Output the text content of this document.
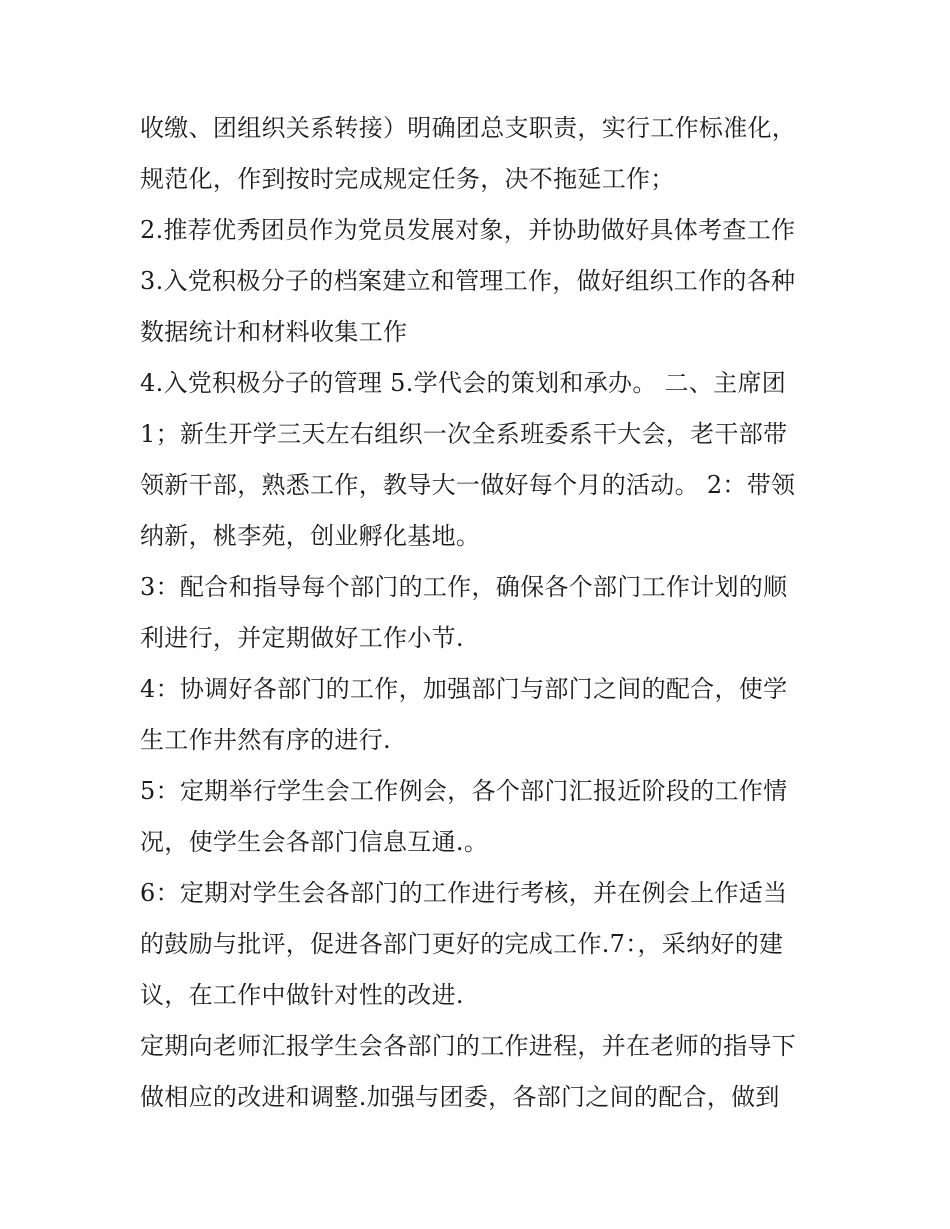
收缴、团组织关系转接）明确团总支职责，实行工作标准化，
规范化，作到按时完成规定任务，决不拖延工作；
2.推荐优秀团员作为党员发展对象，并协助做好具体考查工作
3.入党积极分子的档案建立和管理工作，做好组织工作的各种
数据统计和材料收集工作
4.入党积极分子的管理 5.学代会的策划和承办。 二、主席团
1；新生开学三天左右组织一次全系班委系干大会，老干部带
领新干部，熟悉工作，教导大一做好每个月的活动。 2：带领
纳新，桃李苑，创业孵化基地。
3：配合和指导每个部门的工作，确保各个部门工作计划的顺
利进行，并定期做好工作小节.
4：协调好各部门的工作，加强部门与部门之间的配合，使学
生工作井然有序的进行.
5：定期举行学生会工作例会，各个部门汇报近阶段的工作情
况，使学生会各部门信息互通.。
6：定期对学生会各部门的工作进行考核，并在例会上作适当
的鼓励与批评，促进各部门更好的完成工作.7：，采纳好的建
议，在工作中做针对性的改进.
定期向老师汇报学生会各部门的工作进程，并在老师的指导下
做相应的改进和调整.加强与团委，各部门之间的配合，做到
